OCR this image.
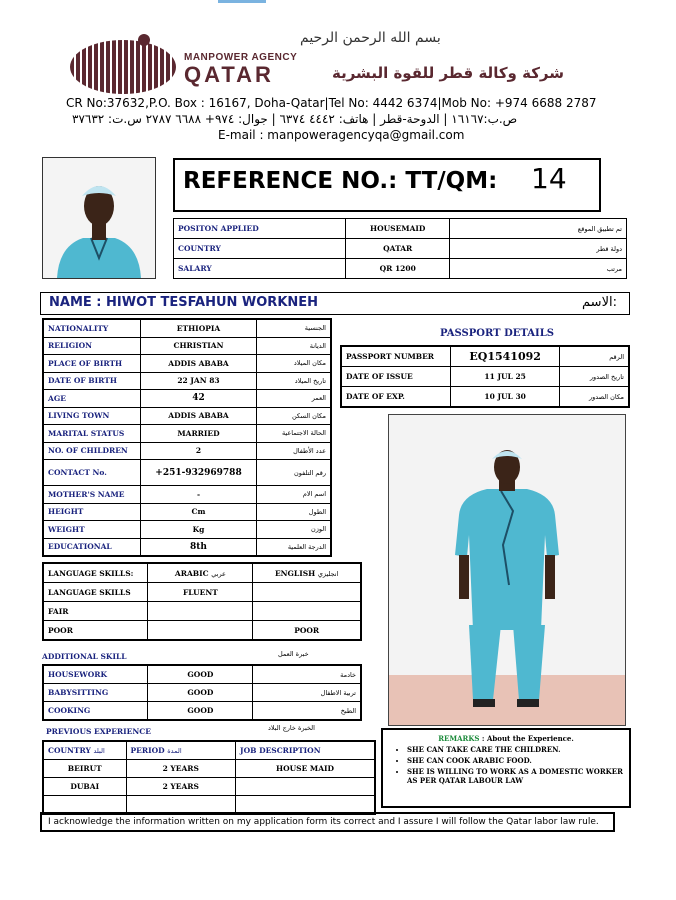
بسم الله الرحمن الرحيم
MANPOWER AGENCY
QATAR	شركة وكالة قطر للقوة البشرية
CR No:37632,P.O. Box : 16167, Doha-Qatar|Tel No: 4442 6374|Mob No: +974 6688 2787
ص.ب:١٦١٦٧ | الدوحة-قطر | هاتف: ٤٤٤٢ ٦٣٧٤ | جوال: ٩٧٤+ ٦٦٨٨ ٢٧٨٧ س.ت: ٣٧٦٣٢
E-mail : manpoweragencyqa@gmail.com
REFERENCE NO.: TT/QM: 14
POSITON APPLIED	HOUSEMAID	تم تطبيق الموقع
COUNTRY	QATAR	دولة قطر
SALARY	QR 1200	مرتب
NAME : HIWOT TESFAHUN WORKNEH	الاسم:
NATIONALITY	ETHIOPIA	الجنسية
RELIGION	CHRISTIAN	الديانة
PLACE OF BIRTH	ADDIS ABABA	مكان الميلاد
DATE OF BIRTH	22 JAN 83	تاريخ الميلاد
AGE	42	العمر
LIVING TOWN	ADDIS ABABA	مكان السكن
MARITAL STATUS	MARRIED	الحالة الاجتماعية
NO. OF CHILDREN	2	عدد الأطفال
CONTACT No.	+251-932969788	رقم التلفون
MOTHER'S NAME	-	اسم الام
HEIGHT	Cm	الطول
WEIGHT	Kg	الوزن
EDUCATIONAL	8th	الدرجة العلمية
PASSPORT DETAILS
PASSPORT NUMBER	EQ1541092	الرقم
DATE OF ISSUE	11 JUL 25	تاريخ الصدور
DATE OF EXP.	10 JUL 30	مكان الصدور
LANGUAGE SKILLS:	ARABIC عربي	ENGLISH انجليزي
LANGUAGE SKILLS	FLUENT	
FAIR		
POOR		POOR
ADDITIONAL SKILL	خبرة العمل
HOUSEWORK	GOOD	خادمة
BABYSITTING	GOOD	تربية الاطفال
COOKING	GOOD	الطبخ
PREVIOUS EXPERIENCE	الخبرة خارج البلاد
COUNTRY البلد	PERIOD المدة	JOB DESCRIPTION
BEIRUT	2 YEARS	HOUSE MAID
DUBAI	2 YEARS	

REMARKS : About the Experience.
• SHE CAN TAKE CARE THE CHILDREN.
• SHE CAN COOK ARABIC FOOD.
• SHE IS WILLING TO WORK AS A DOMESTIC WORKER AS PER QATAR LABOUR LAW
I acknowledge the information written on my application form its correct and I assure I will follow the Qatar labor law rule.
